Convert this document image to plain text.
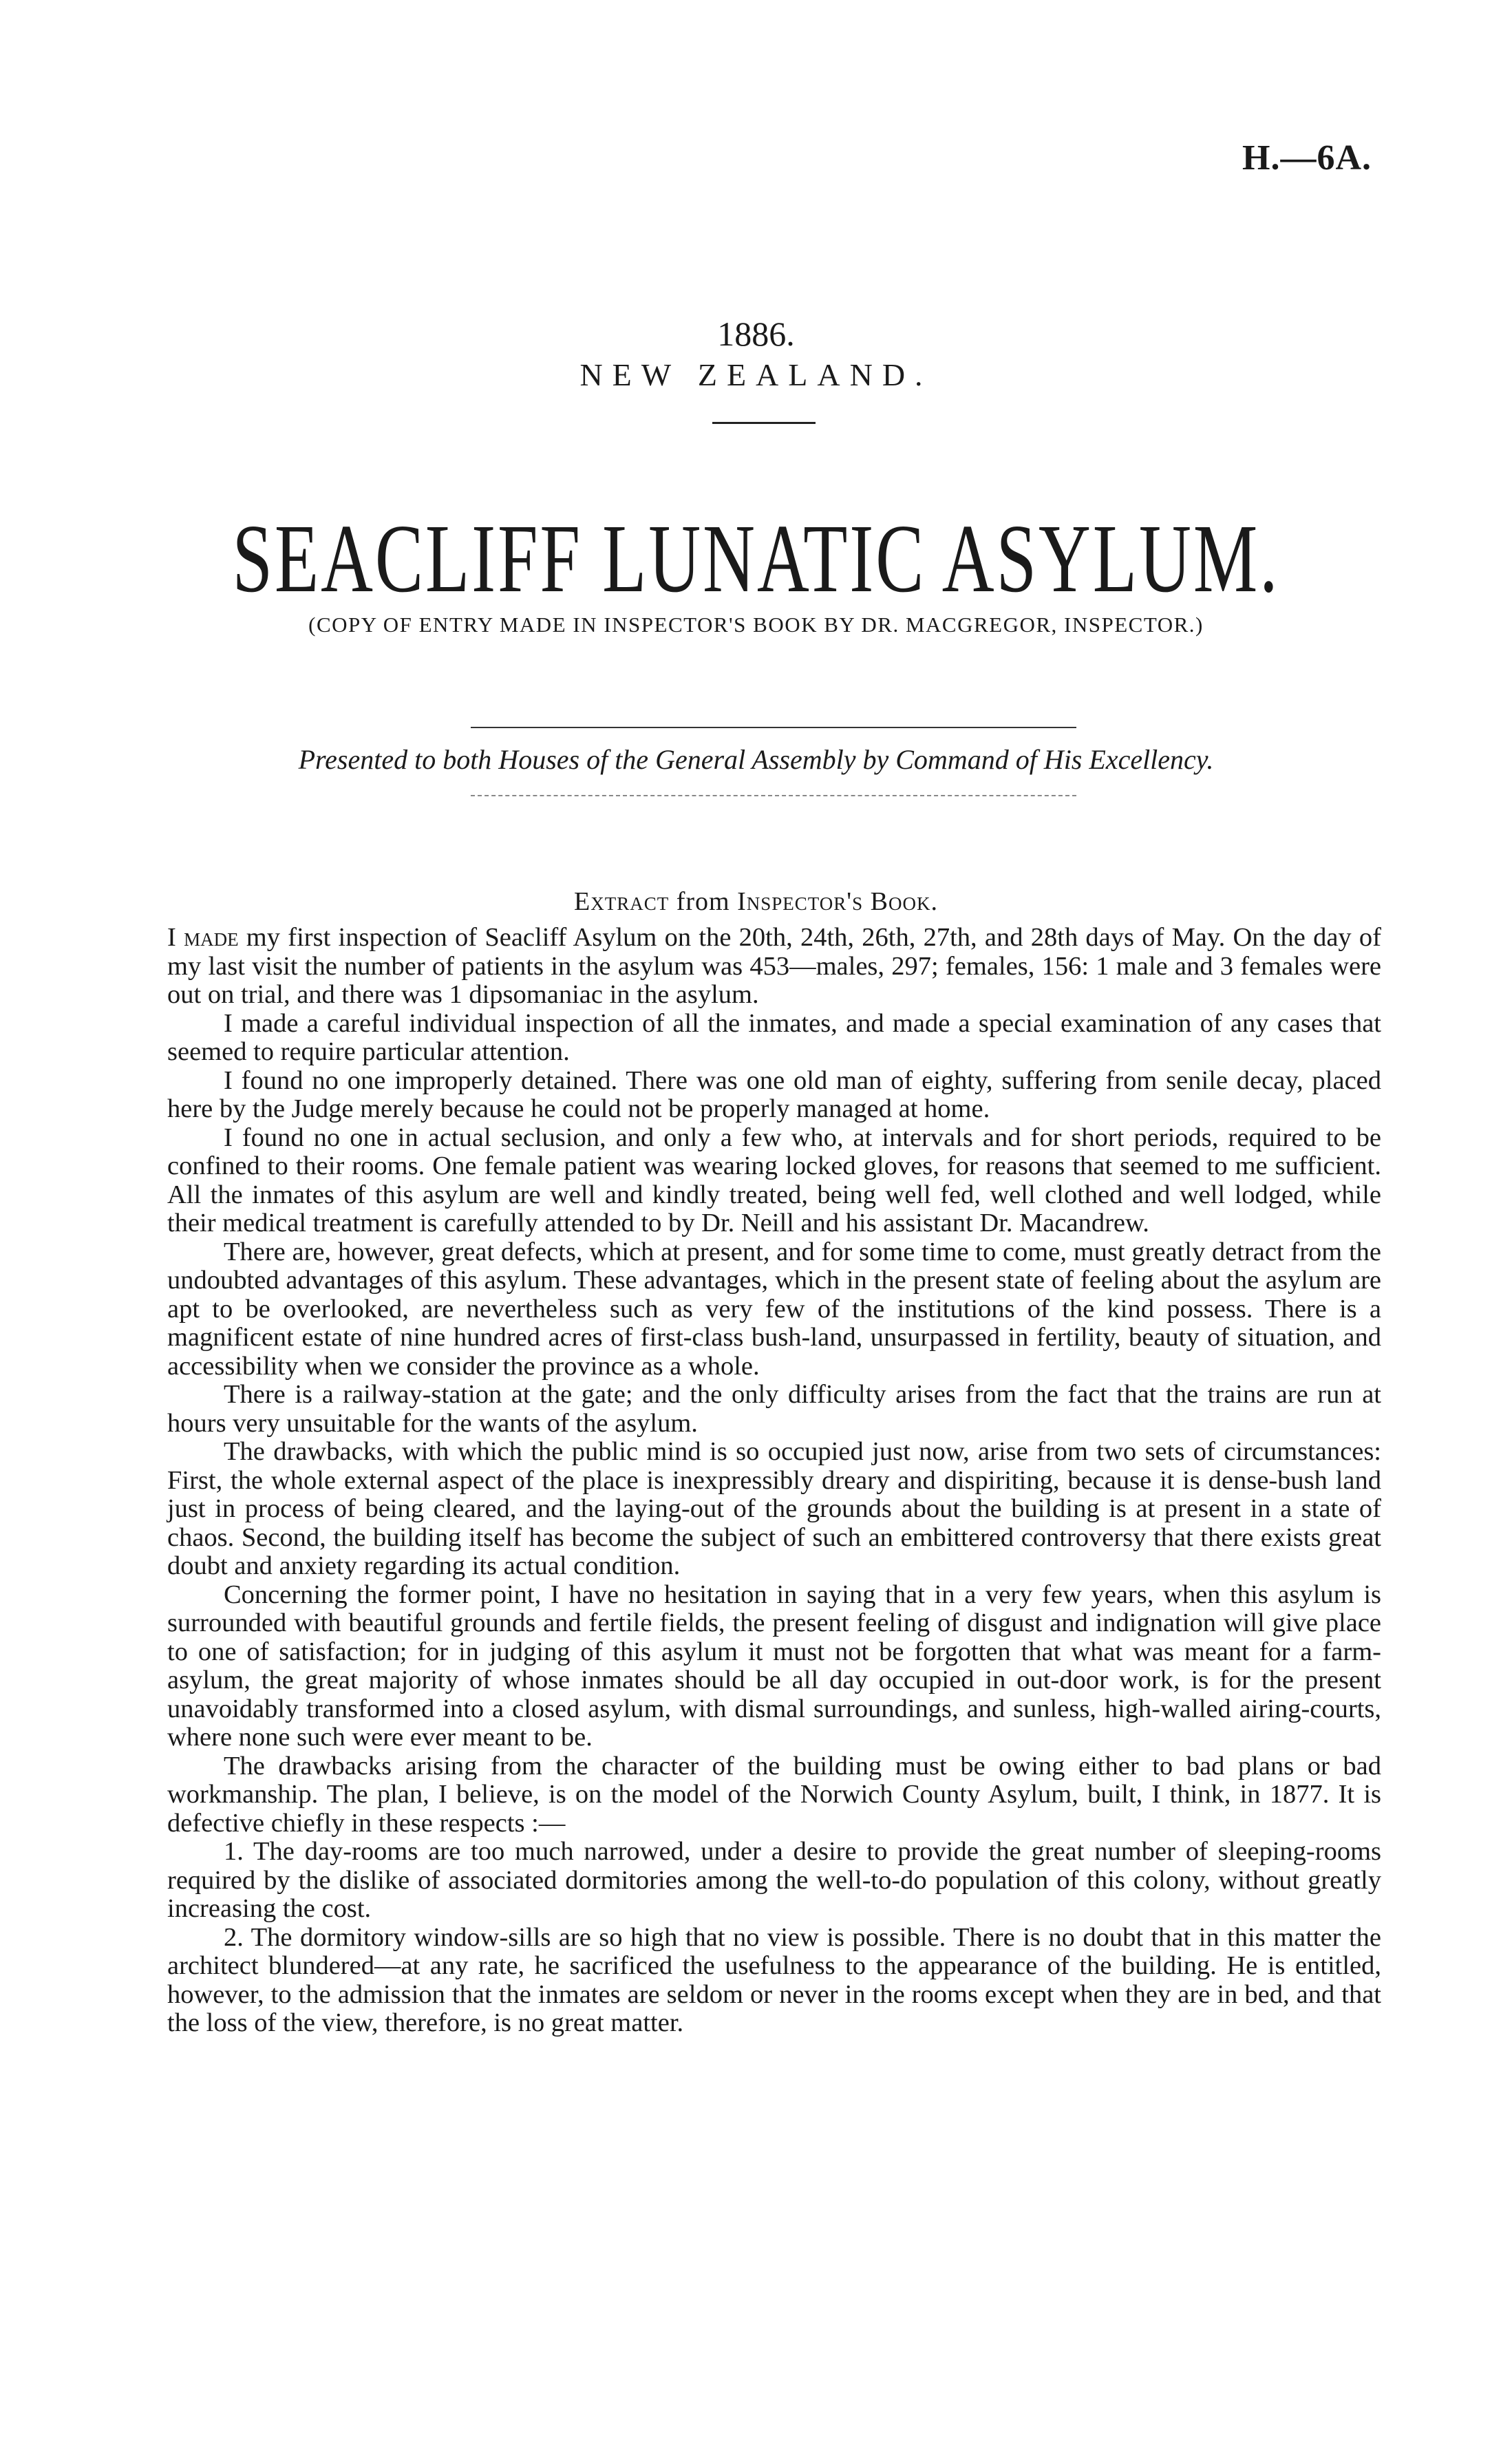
H.—6A.
1886.
NEW ZEALAND.
SEACLIFF LUNATIC ASYLUM.
(COPY OF ENTRY MADE IN INSPECTOR'S BOOK BY DR. MACGREGOR, INSPECTOR.)
Presented to both Houses of the General Assembly by Command of His Excellency.
Extract from Inspector's Book.

I made my first inspection of Seacliff Asylum on the 20th, 24th, 26th, 27th, and 28th days of May. On the day of my last visit the number of patients in the asylum was 453—males, 297; females, 156: 1 male and 3 females were out on trial, and there was 1 dipsomaniac in the asylum.

I made a careful individual inspection of all the inmates, and made a special examination of any cases that seemed to require particular attention.

I found no one improperly detained. There was one old man of eighty, suffering from senile decay, placed here by the Judge merely because he could not be properly managed at home.

I found no one in actual seclusion, and only a few who, at intervals and for short periods, required to be confined to their rooms. One female patient was wearing locked gloves, for reasons that seemed to me sufficient. All the inmates of this asylum are well and kindly treated, being well fed, well clothed and well lodged, while their medical treatment is carefully attended to by Dr. Neill and his assistant Dr. Macandrew.

There are, however, great defects, which at present, and for some time to come, must greatly detract from the undoubted advantages of this asylum. These advantages, which in the present state of feeling about the asylum are apt to be overlooked, are nevertheless such as very few of the institutions of the kind possess. There is a magnificent estate of nine hundred acres of first-class bush-land, unsurpassed in fertility, beauty of situation, and accessibility when we consider the province as a whole.

There is a railway-station at the gate; and the only difficulty arises from the fact that the trains are run at hours very unsuitable for the wants of the asylum.

The drawbacks, with which the public mind is so occupied just now, arise from two sets of circumstances: First, the whole external aspect of the place is inexpressibly dreary and dispiriting, because it is dense-bush land just in process of being cleared, and the laying-out of the grounds about the building is at present in a state of chaos. Second, the building itself has become the subject of such an embittered controversy that there exists great doubt and anxiety regarding its actual condition.

Concerning the former point, I have no hesitation in saying that in a very few years, when this asylum is surrounded with beautiful grounds and fertile fields, the present feeling of disgust and indignation will give place to one of satisfaction; for in judging of this asylum it must not be forgotten that what was meant for a farm-asylum, the great majority of whose inmates should be all day occupied in out-door work, is for the present unavoidably transformed into a closed asylum, with dismal surroundings, and sunless, high-walled airing-courts, where none such were ever meant to be.

The drawbacks arising from the character of the building must be owing either to bad plans or bad workmanship. The plan, I believe, is on the model of the Norwich County Asylum, built, I think, in 1877. It is defective chiefly in these respects :—

1. The day-rooms are too much narrowed, under a desire to provide the great number of sleeping-rooms required by the dislike of associated dormitories among the well-to-do population of this colony, without greatly increasing the cost.

2. The dormitory window-sills are so high that no view is possible. There is no doubt that in this matter the architect blundered—at any rate, he sacrificed the usefulness to the appearance of the building. He is entitled, however, to the admission that the inmates are seldom or never in the rooms except when they are in bed, and that the loss of the view, therefore, is no great matter.
